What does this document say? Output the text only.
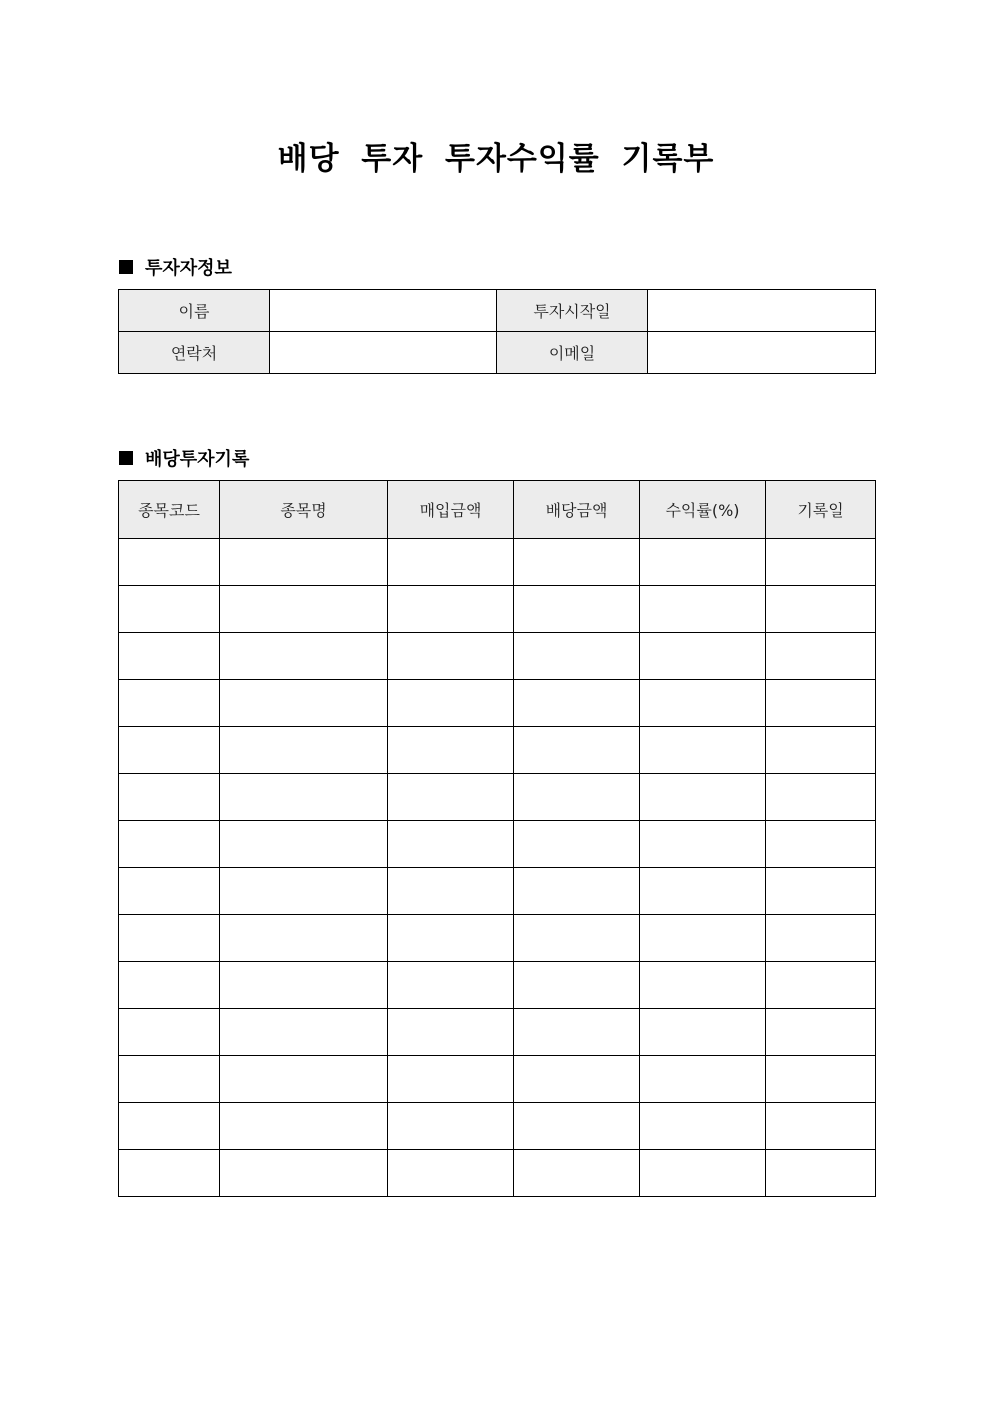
배당 투자 투자수익률 기록부
투자자정보
이름		투자시작일	
연락처		이메일	
배당투자기록
종목코드	종목명	매입금액	배당금액	수익률(%)	기록일
